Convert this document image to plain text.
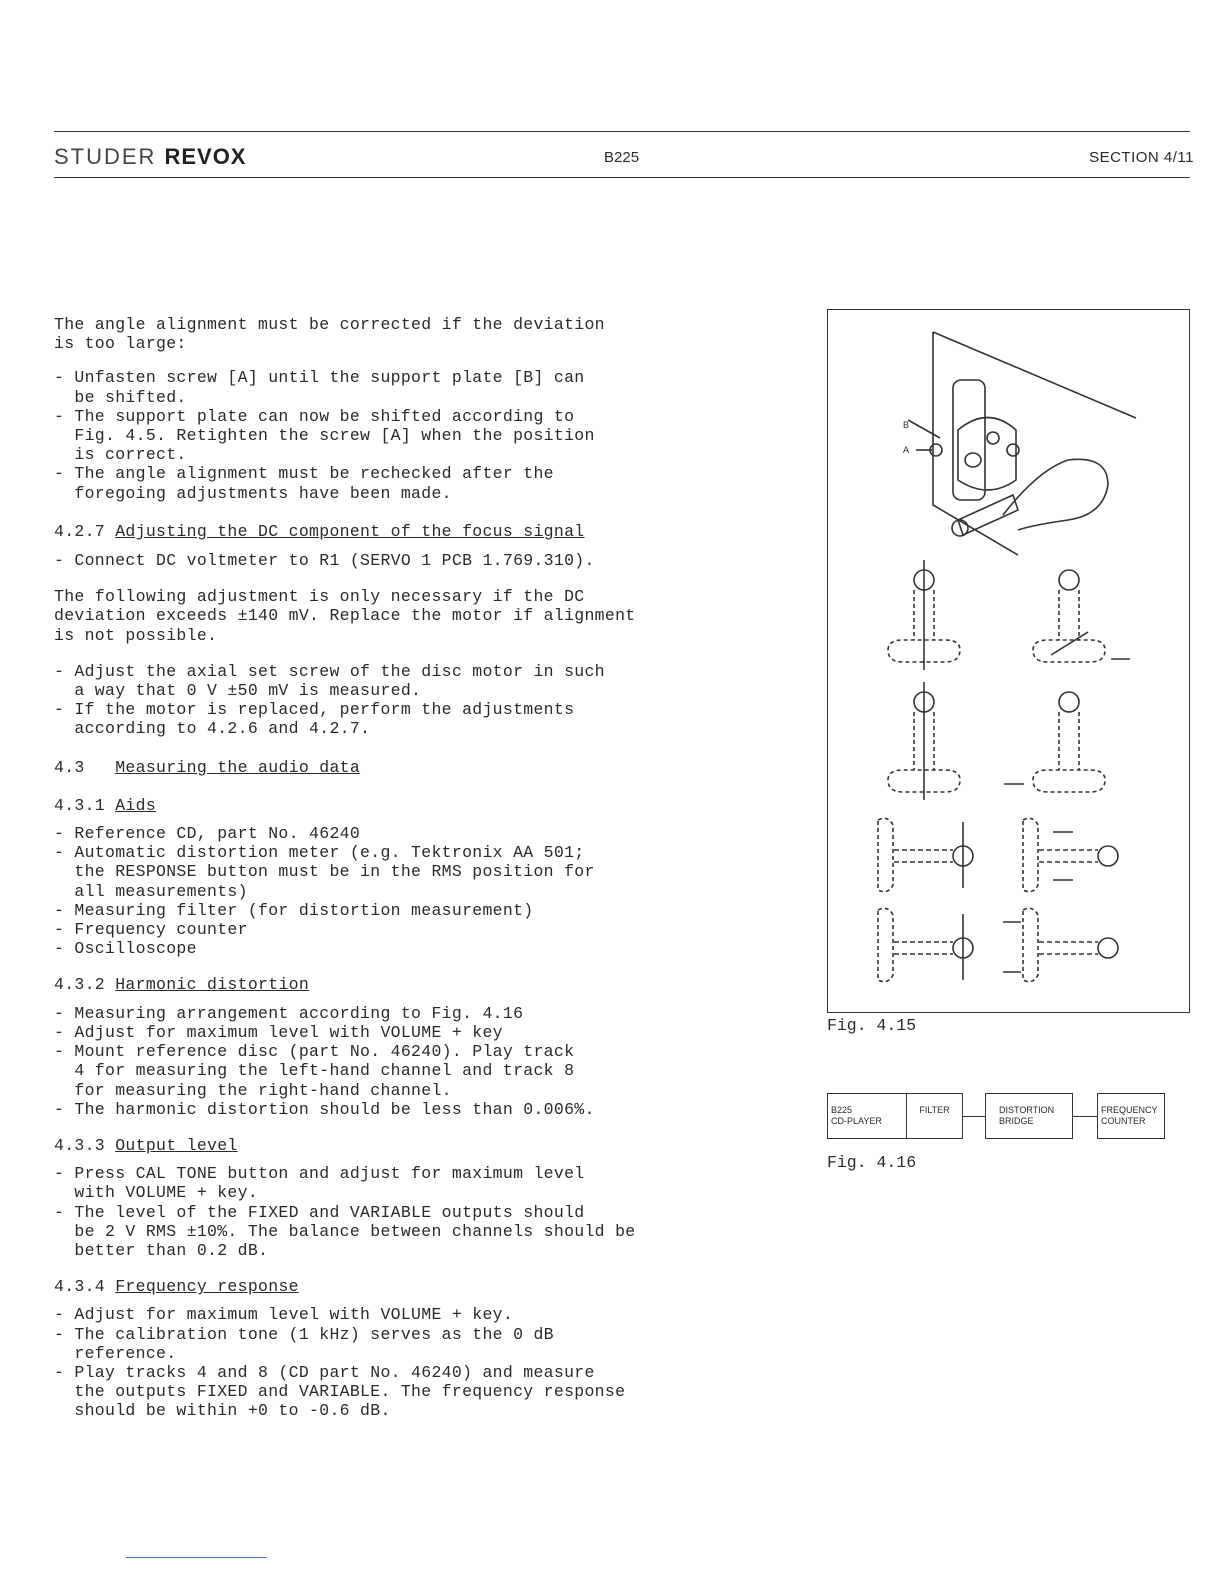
STUDER REVOX	B225	SECTION 4/11

The angle alignment must be corrected if the deviation

is too large:

- Unfasten screw [A] until the support plate [B] can

be shifted.

- The support plate can now be shifted according to

Fig. 4.5. Retighten the screw [A] when the position

is correct.

- The angle alignment must be rechecked after the

foregoing adjustments have been made.

4.2.7 Adjusting the DC component of the focus signal

- Connect DC voltmeter to R1 (SERVO 1 PCB 1.769.310).

The following adjustment is only necessary if the DC

deviation exceeds ±140 mV. Replace the motor if alignment

is not possible.

- Adjust the axial set screw of the disc motor in such

a way that 0 V ±50 mV is measured.

- If the motor is replaced, perform the adjustments

according to 4.2.6 and 4.2.7.

4.3   Measuring the audio data

4.3.1 Aids

- Reference CD, part No. 46240

- Automatic distortion meter (e.g. Tektronix AA 501;

the RESPONSE button must be in the RMS position for

all measurements)

- Measuring filter (for distortion measurement)

- Frequency counter

- Oscilloscope

4.3.2 Harmonic distortion

- Measuring arrangement according to Fig. 4.16

- Adjust for maximum level with VOLUME + key

- Mount reference disc (part No. 46240). Play track

4 for measuring the left-hand channel and track 8

for measuring the right-hand channel.

- The harmonic distortion should be less than 0.006%.

4.3.3 Output level

- Press CAL TONE button and adjust for maximum level

with VOLUME + key.

- The level of the FIXED and VARIABLE outputs should

be 2 V RMS ±10%. The balance between channels should be

better than 0.2 dB.

4.3.4 Frequency response

- Adjust for maximum level with VOLUME + key.

- The calibration tone (1 kHz) serves as the 0 dB

reference.

- Play tracks 4 and 8 (CD part No. 46240) and measure

the outputs FIXED and VARIABLE. The frequency response

should be within +0 to -0.6 dB.

B
A
Fig. 4.15
B225
CD-PLAYER
FILTER	DISTORTION
BRIDGE
FREQUENCY
COUNTER
Fig. 4.16
